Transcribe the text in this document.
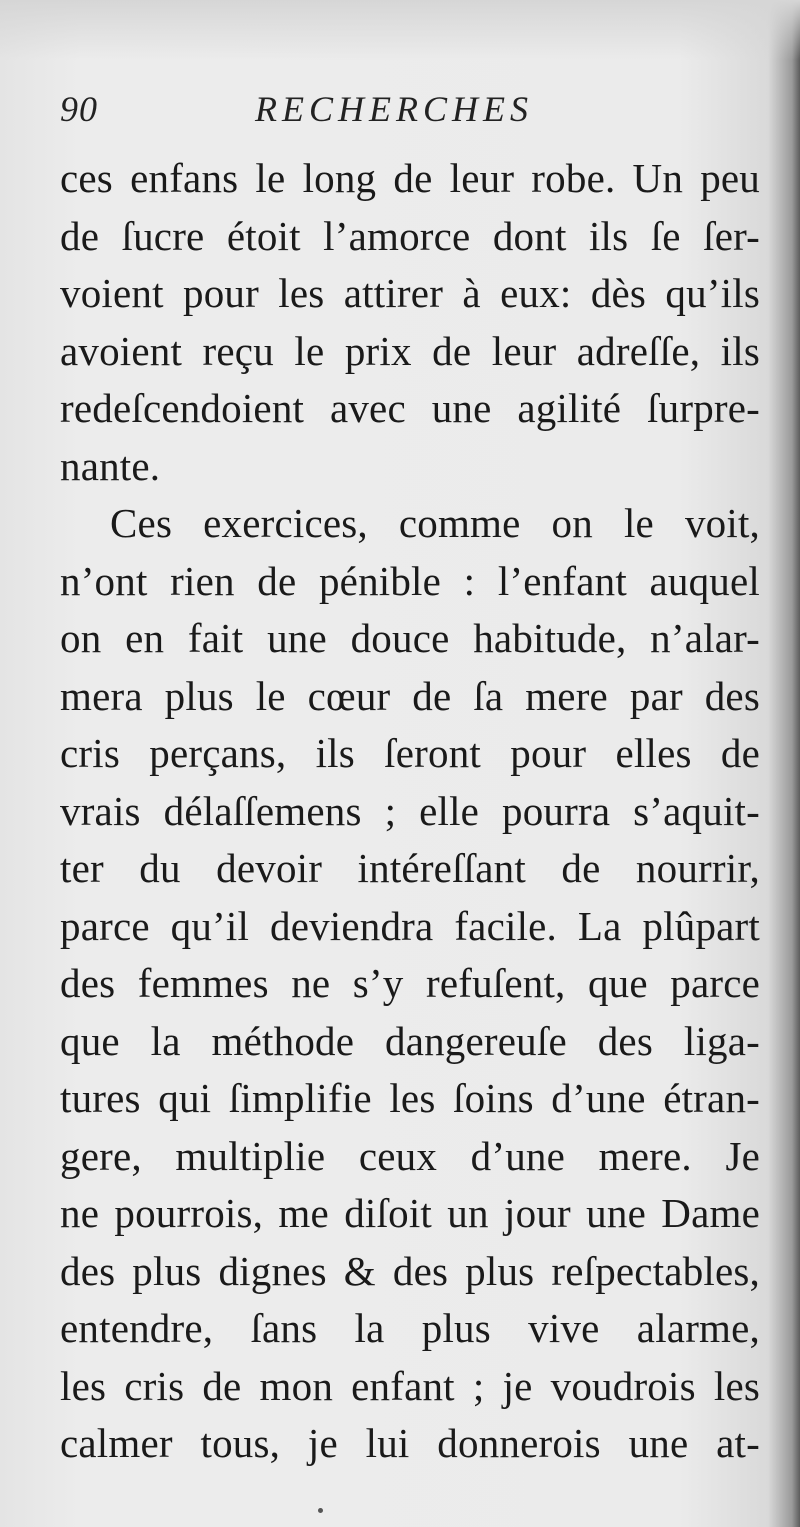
90	RECHERCHES
ces enfans le long de leur robe. Un peu
de ſucre étoit l’amorce dont ils ſe ſer-
voient pour les attirer à eux: dès qu’ils
avoient reçu le prix de leur adreſſe, ils
redeſcendoient avec une agilité ſurpre-
nante.
Ces exercices, comme on le voit,
n’ont rien de pénible : l’enfant auquel
on en fait une douce habitude, n’alar-
mera plus le cœur de ſa mere par des
cris perçans, ils ſeront pour elles de
vrais délaſſemens ; elle pourra s’aquit-
ter du devoir intéreſſant de nourrir,
parce qu’il deviendra facile. La plûpart
des femmes ne s’y refuſent, que parce
que la méthode dangereuſe des liga-
tures qui ſimplifie les ſoins d’une étran-
gere, multiplie ceux d’une mere. Je
ne pourrois, me diſoit un jour une Dame
des plus dignes & des plus reſpectables,
entendre, ſans la plus vive alarme,
les cris de mon enfant ; je voudrois les
calmer tous, je lui donnerois une at-
